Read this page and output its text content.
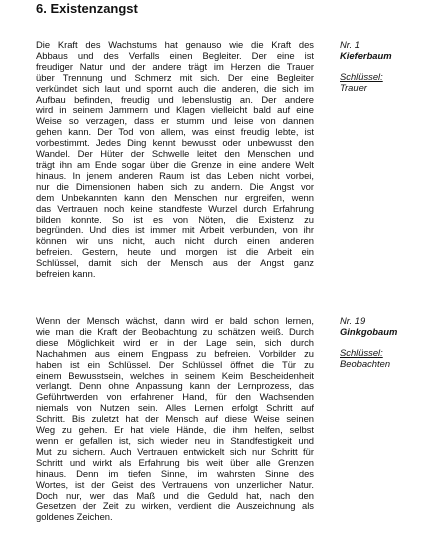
6. Existenzangst
Die Kraft des Wachstums hat genauso wie die Kraft des
Abbaus und des Verfalls einen Begleiter. Der eine ist
freudiger Natur und der andere trägt im Herzen die Trauer
über Trennung und Schmerz mit sich. Der eine Begleiter
verkündet sich laut und spornt auch die anderen, die sich im
Aufbau befinden, freudig und lebenslustig an. Der andere
wird in seinem Jammern und Klagen vielleicht bald auf eine
Weise so verzagen, dass er stumm und leise von dannen
gehen kann. Der Tod von allem, was einst freudig lebte, ist
vorbestimmt. Jedes Ding kennt bewusst oder unbewusst den
Wandel. Der Hüter der Schwelle leitet den Menschen und
trägt ihn am Ende sogar über die Grenze in eine andere Welt
hinaus. In jenem anderen Raum ist das Leben nicht vorbei,
nur die Dimensionen haben sich zu andern. Die Angst vor
dem Unbekannten kann den Menschen nur ergreifen, wenn
das Vertrauen noch keine standfeste Wurzel durch Erfahrung
bilden konnte. So ist es von Nöten, die Existenz zu
begründen. Und dies ist immer mit Arbeit verbunden, von ihr
können wir uns nicht, auch nicht durch einen anderen
befreien. Gestern, heute und morgen ist die Arbeit ein
Schlüssel, damit sich der Mensch aus der Angst ganz
befreien kann.
Nr. 1
Kieferbaum
Schlüssel:
Trauer
Wenn der Mensch wächst, dann wird er bald schon lernen,
wie man die Kraft der Beobachtung zu schätzen weiß. Durch
diese Möglichkeit wird er in der Lage sein, sich durch
Nachahmen aus einem Engpass zu befreien. Vorbilder zu
haben ist ein Schlüssel. Der Schlüssel öffnet die Tür zu
einem Bewusstsein, welches in seinem Keim Bescheidenheit
verlangt. Denn ohne Anpassung kann der Lernprozess, das
Geführtwerden von erfahrener Hand, für den Wachsenden
niemals von Nutzen sein. Alles Lernen erfolgt Schritt auf
Schritt. Bis zuletzt hat der Mensch auf diese Weise seinen
Weg zu gehen. Er hat viele Hände, die ihm helfen, selbst
wenn er gefallen ist, sich wieder neu in Standfestigkeit und
Mut zu sichern. Auch Vertrauen entwickelt sich nur Schritt für
Schritt und wirkt als Erfahrung bis weit über alle Grenzen
hinaus. Denn im tiefen Sinne, im wahrsten Sinne des
Wortes, ist der Geist des Vertrauens von unzerlicher Natur.
Doch nur, wer das Maß und die Geduld hat, nach den
Gesetzen der Zeit zu wirken, verdient die Auszeichnung als
goldenes Zeichen.
Nr. 19
Ginkgobaum
Schlüssel:
Beobachten
